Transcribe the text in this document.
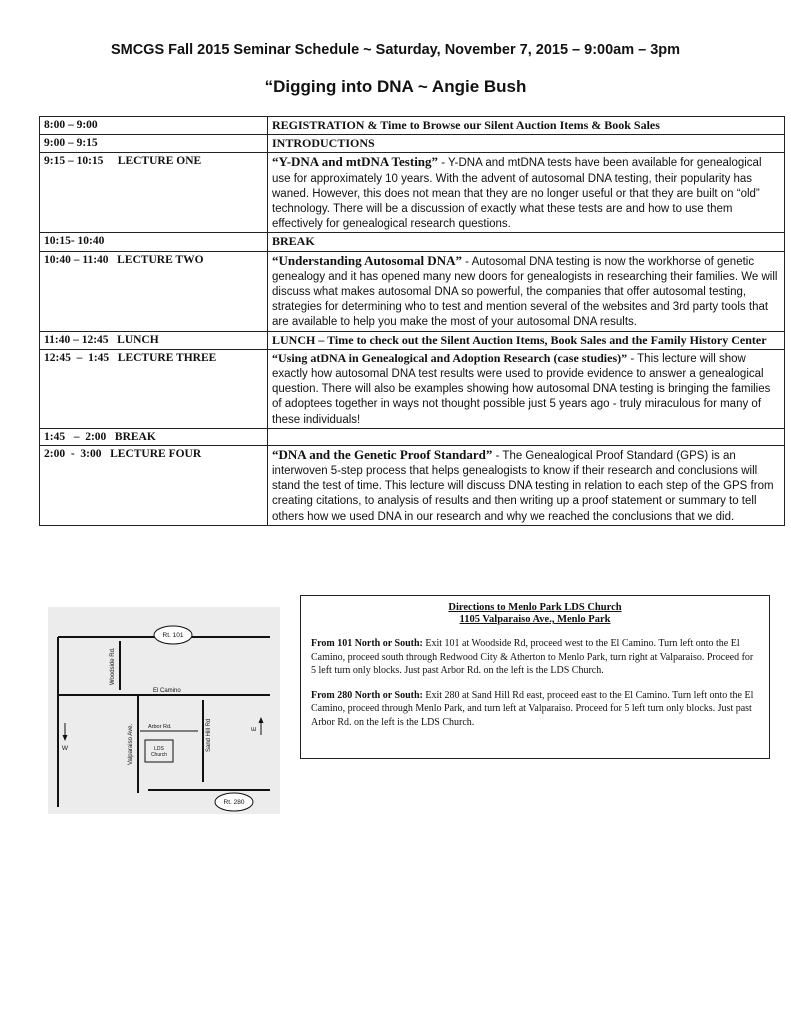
SMCGS Fall 2015 Seminar Schedule ~ Saturday, November 7, 2015 – 9:00am – 3pm
“Digging into DNA ~ Angie Bush
8:00 – 9:00	REGISTRATION & Time to Browse our Silent Auction Items & Book Sales
9:00 – 9:15	INTRODUCTIONS
9:15 – 10:15     LECTURE ONE	“Y-DNA and mtDNA Testing” - Y-DNA and mtDNA tests have been available for genealogical use for approximately 10 years. With the advent of autosomal DNA testing, their popularity has waned. However, this does not mean that they are no longer useful or that they are built on “old” technology. There will be a discussion of exactly what these tests are and how to use them effectively for genealogical research questions.
10:15- 10:40	BREAK
10:40 – 11:40   LECTURE TWO	“Understanding Autosomal DNA” - Autosomal DNA testing is now the workhorse of genetic genealogy and it has opened many new doors for genealogists in researching their families. We will discuss what makes autosomal DNA so powerful, the companies that offer autosomal testing, strategies for determining who to test and mention several of the websites and 3rd party tools that are available to help you make the most of your autosomal DNA results.
11:40 – 12:45   LUNCH	LUNCH – Time to check out the Silent Auction Items, Book Sales and the Family History Center
12:45  –  1:45   LECTURE THREE	“Using atDNA in Genealogical and Adoption Research (case studies)” - This lecture will show exactly how autosomal DNA test results were used to provide evidence to answer a genealogical question. There will also be examples showing how autosomal DNA testing is bringing the families of adoptees together in ways not thought possible just 5 years ago - truly miraculous for many of these individuals!
1:45   –  2:00   BREAK	
2:00  -  3:00   LECTURE FOUR	“DNA and the Genetic Proof Standard” - The Genealogical Proof Standard (GPS) is an interwoven 5-step process that helps genealogists to know if their research and conclusions will stand the test of time. This lecture will discuss DNA testing in relation to each step of the GPS from creating citations, to analysis of results and then writing up a proof statement or summary to tell others how we used DNA in our research and why we reached the conclusions that we did.
Rt. 101
Rt. 280
El Camino
Arbor Rd.
LDS
Church
W
Woodside Rd.
Valparaiso Ave.	Sand Hill Rd	E
Directions to Menlo Park LDS Church
1105 Valparaiso Ave., Menlo Park
From 101 North or South: Exit 101 at Woodside Rd, proceed west to the El Camino. Turn left onto the El Camino, proceed south through Redwood City & Atherton to Menlo Park, turn right at Valparaiso. Proceed for 5 left turn only blocks. Just past Arbor Rd. on the left is the LDS Church.
From 280 North or South: Exit 280 at Sand Hill Rd east, proceed east to the El Camino. Turn left onto the El Camino, proceed through Menlo Park, and turn left at Valparaiso. Proceed for 5 left turn only blocks. Just past Arbor Rd. on the left is the LDS Church.
